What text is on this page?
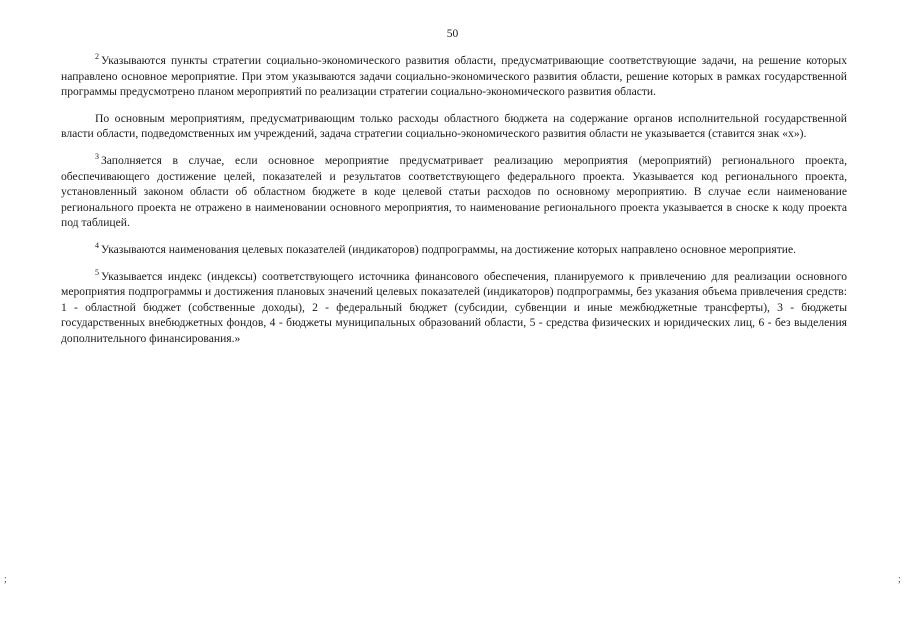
50

$^2$ Указываются пункты стратегии социально-экономического развития области, предусматривающие соответствующие задачи, на решение которых направлено основное мероприятие. При этом указываются задачи социально-экономического развития области, решение которых в рамках государственной программы предусмотрено планом мероприятий по реализации стратегии социально-экономического развития области.

По основным мероприятиям, предусматривающим только расходы областного бюджета на содержание органов исполнительной государственной власти области, подведомственных им учреждений, задача стратегии социально-экономического развития области не указывается (ставится знак «х»).

$^3$ Заполняется в случае, если основное мероприятие предусматривает реализацию мероприятия (мероприятий) регионального проекта, обеспечивающего достижение целей, показателей и результатов соответствующего федерального проекта. Указывается код регионального проекта, установленный законом области об областном бюджете в коде целевой статьи расходов по основному мероприятию. В случае если наименование регионального проекта не отражено в наименовании основного мероприятия, то наименование регионального проекта указывается в сноске к коду проекта под таблицей.

$^4$ Указываются наименования целевых показателей (индикаторов) подпрограммы, на достижение которых направлено основное мероприятие.

$^5$ Указывается индекс (индексы) соответствующего источника финансового обеспечения, планируемого к привлечению для реализации основного мероприятия подпрограммы и достижения плановых значений целевых показателей (индикаторов) подпрограммы, без указания объема привлечения средств: 1 - областной бюджет (собственные доходы), 2 - федеральный бюджет (субсидии, субвенции и иные межбюджетные трансферты), 3 - бюджеты государственных внебюджетных фондов, 4 - бюджеты муниципальных образований области, 5 - средства физических и юридических лиц, 6 - без выделения дополнительного финансирования.»

;	;
